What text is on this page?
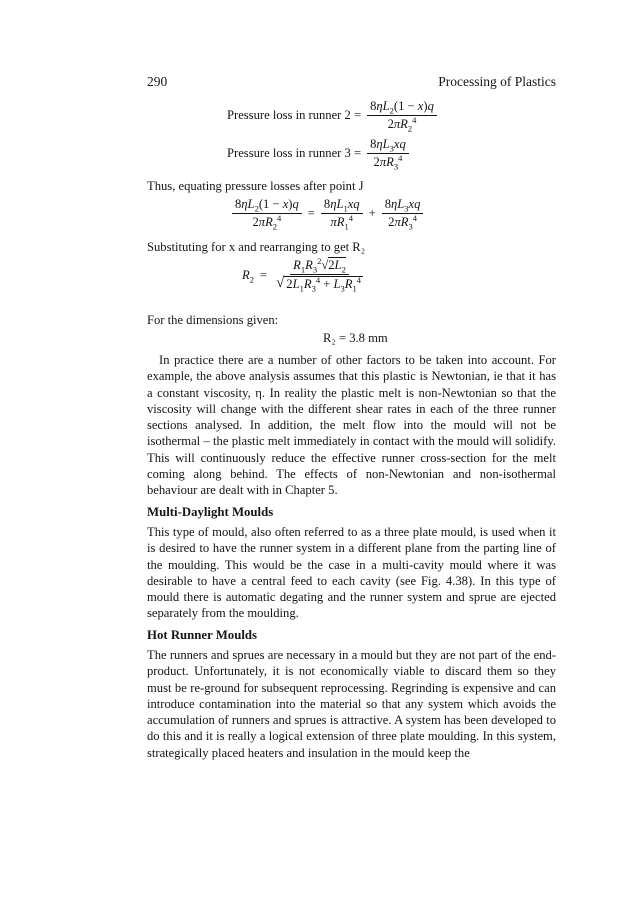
290	Processing of Plastics
Pressure loss in runner $2 = \frac{8\eta L_2(1 - x)q}{2\pi R_2^4}$
Pressure loss in runner $3 = \frac{8\eta L_3xq}{2\pi R_3^4}$
Thus, equating pressure losses after point J
$\frac{8\eta L_2(1 - x)q}{2\pi R_2^4} = \frac{8\eta L_1xq}{\pi R_1^4} + \frac{8\eta L_3xq}{2\pi R_3^4}$
Substituting for x and rearranging to get R₂
$R_2 = \frac{R_1R_3^2√2L_2}{√ 2L_1R_3^4 + L_3R_1^4}$
For the dimensions given:
R₂ = 3.8 mm

In practice there are a number of other factors to be taken into account. For example, the above analysis assumes that this plastic is Newtonian, ie that it has a constant viscosity, η. In reality the plastic melt is non-Newtonian so that the viscosity will change with the different shear rates in each of the three runner sections analysed. In addition, the melt flow into the mould will not be isothermal – the plastic melt immediately in contact with the mould will solidify. This will continuously reduce the effective runner cross-section for the melt coming along behind. The effects of non-Newtonian and non-isothermal behaviour are dealt with in Chapter 5.

Multi-Daylight Moulds

This type of mould, also often referred to as a three plate mould, is used when it is desired to have the runner system in a different plane from the parting line of the moulding. This would be the case in a multi-cavity mould where it was desirable to have a central feed to each cavity (see Fig. 4.38). In this type of mould there is automatic degating and the runner system and sprue are ejected separately from the moulding.

Hot Runner Moulds

The runners and sprues are necessary in a mould but they are not part of the end-product. Unfortunately, it is not economically viable to discard them so they must be re-ground for subsequent reprocessing. Regrinding is expensive and can introduce contamination into the material so that any system which avoids the accumulation of runners and sprues is attractive. A system has been developed to do this and it is really a logical extension of three plate moulding. In this system, strategically placed heaters and insulation in the mould keep the
